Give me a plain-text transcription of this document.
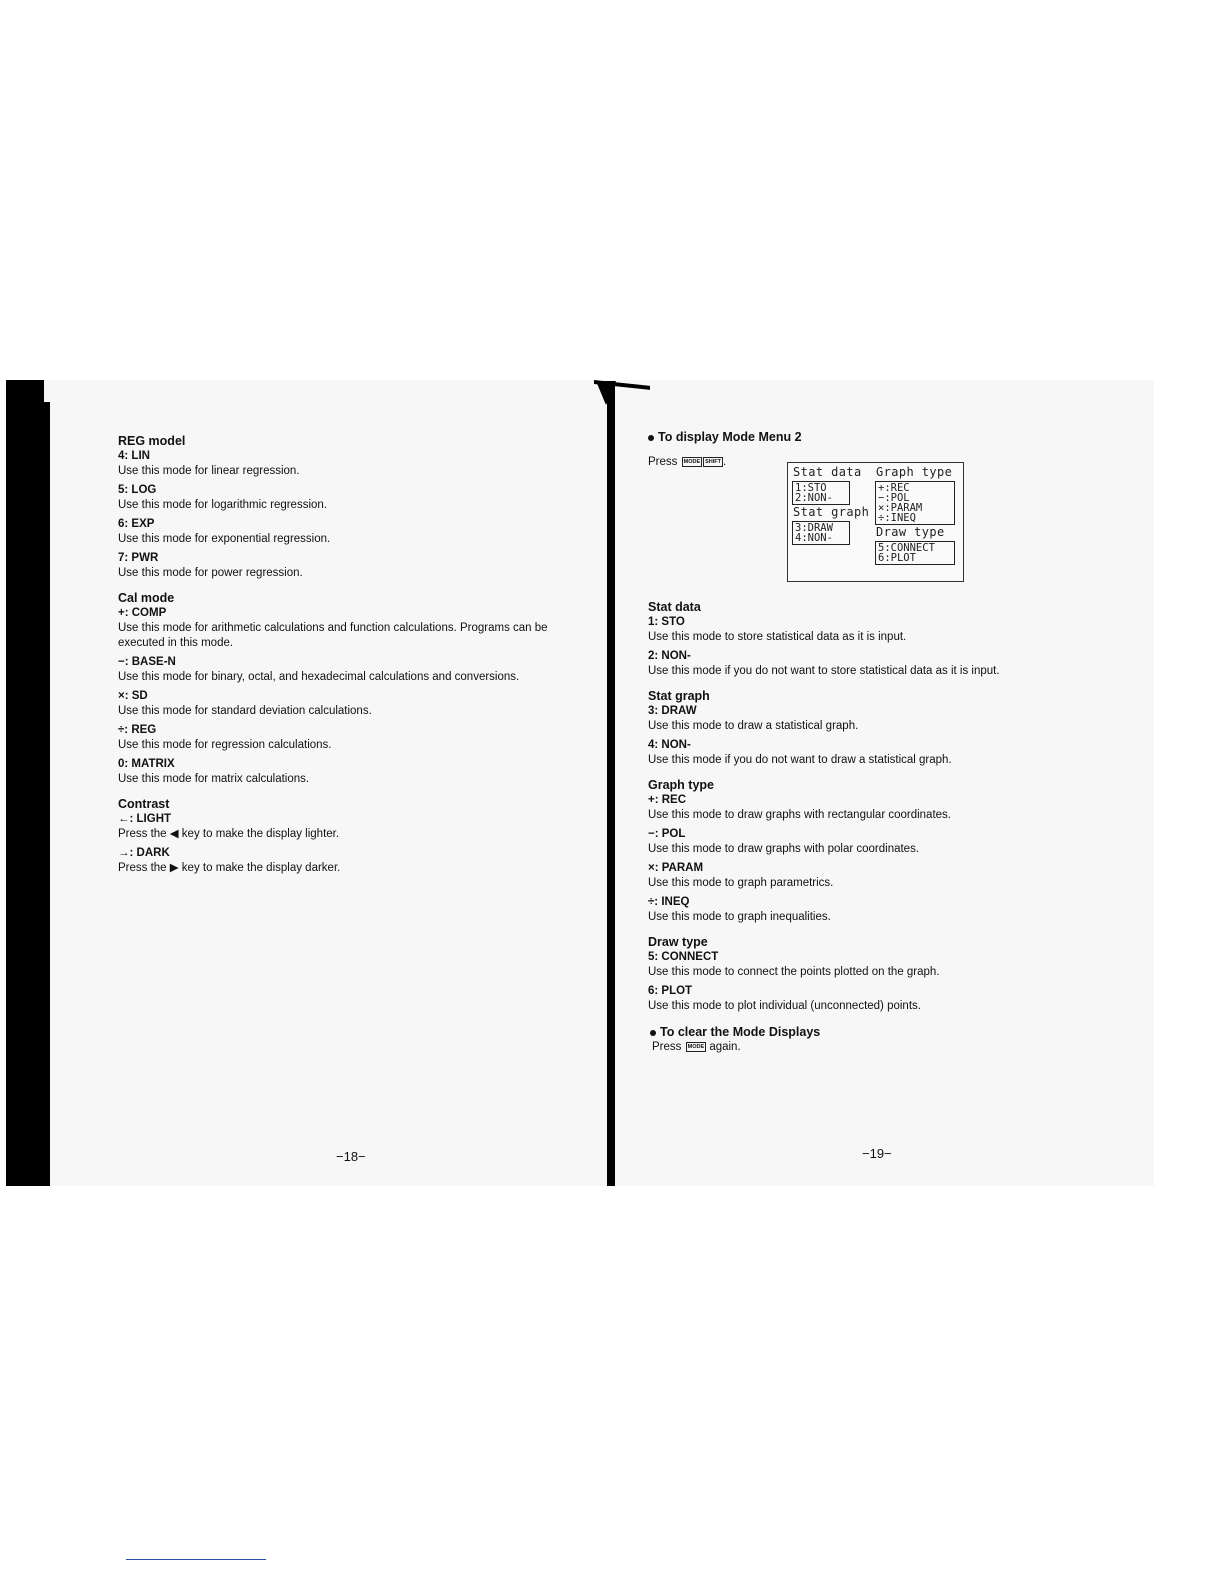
REG model
4: LIN
Use this mode for linear regression.
5: LOG
Use this mode for logarithmic regression.
6: EXP
Use this mode for exponential regression.
7: PWR
Use this mode for power regression.
Cal mode
+: COMP
Use this mode for arithmetic calculations and function calculations. Programs can be executed in this mode.
−: BASE-N
Use this mode for binary, octal, and hexadecimal calculations and conversions.
×: SD
Use this mode for standard deviation calculations.
÷: REG
Use this mode for regression calculations.
0: MATRIX
Use this mode for matrix calculations.
Contrast
←: LIGHT
Press the ◀ key to make the display lighter.
→: DARK
Press the ▶ key to make the display darker.
−18−
To display Mode Menu 2
Press MODE SHIFT .
Stat data
1:STO
2:NON-
Stat graph
3:DRAW
4:NON-
Graph type
+:REC
−:POL
×:PARAM
÷:INEQ
Draw type
5:CONNECT
6:PLOT
Stat data
1: STO
Use this mode to store statistical data as it is input.
2: NON-
Use this mode if you do not want to store statistical data as it is input.
Stat graph
3: DRAW
Use this mode to draw a statistical graph.
4: NON-
Use this mode if you do not want to draw a statistical graph.
Graph type
+: REC
Use this mode to draw graphs with rectangular coordinates.
−: POL
Use this mode to draw graphs with polar coordinates.
×: PARAM
Use this mode to graph parametrics.
÷: INEQ
Use this mode to graph inequalities.
Draw type
5: CONNECT
Use this mode to connect the points plotted on the graph.
6: PLOT
Use this mode to plot individual (unconnected) points.
To clear the Mode Displays
Press MODE again.
−19−
